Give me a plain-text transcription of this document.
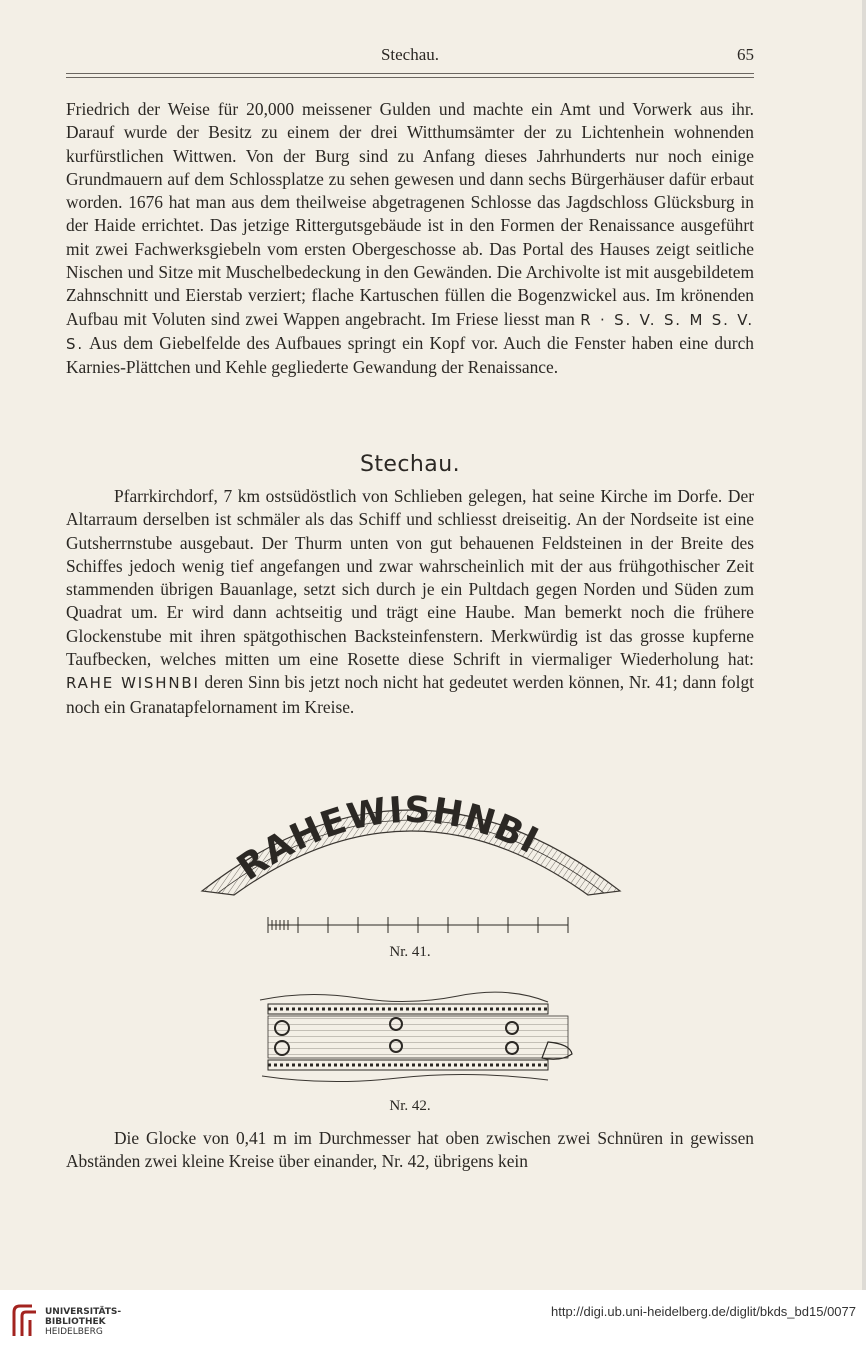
Stechau.	65

Friedrich der Weise für 20,000 meissener Gulden und machte ein Amt und Vorwerk aus ihr. Darauf wurde der Besitz zu einem der drei Witthumsämter der zu Lichtenhein wohnenden kurfürstlichen Wittwen. Von der Burg sind zu Anfang dieses Jahrhunderts nur noch einige Grundmauern auf dem Schlossplatze zu sehen gewesen und dann sechs Bürgerhäuser dafür erbaut worden. 1676 hat man aus dem theilweise abgetragenen Schlosse das Jagdschloss Glücksburg in der Haide errichtet. Das jetzige Rittergutsgebäude ist in den Formen der Renaissance ausgeführt mit zwei Fachwerksgiebeln vom ersten Obergeschosse ab. Das Portal des Hauses zeigt seitliche Nischen und Sitze mit Muschelbedeckung in den Gewänden. Die Archivolte ist mit ausgebildetem Zahnschnitt und Eierstab verziert; flache Kartuschen füllen die Bogenzwickel aus. Im krönenden Aufbau mit Voluten sind zwei Wappen angebracht. Im Friese liesst man R · S. V. S. M S. V. S. Aus dem Giebelfelde des Aufbaues springt ein Kopf vor. Auch die Fenster haben eine durch Karnies-Plättchen und Kehle gegliederte Gewandung der Renaissance.

Stechau.

Pfarrkirchdorf, 7 km ostsüdöstlich von Schlieben gelegen, hat seine Kirche im Dorfe. Der Altarraum derselben ist schmäler als das Schiff und schliesst dreiseitig. An der Nordseite ist eine Gutsherrnstube ausgebaut. Der Thurm unten von gut behauenen Feldsteinen in der Breite des Schiffes jedoch wenig tief angefangen und zwar wahrscheinlich mit der aus frühgothischer Zeit stammenden übrigen Bauanlage, setzt sich durch je ein Pultdach gegen Norden und Süden zum Quadrat um. Er wird dann achtseitig und trägt eine Haube. Man bemerkt noch die frühere Glockenstube mit ihren spätgothischen Backsteinfenstern. Merkwürdig ist das grosse kupferne Taufbecken, welches mitten um eine Rosette diese Schrift in viermaliger Wiederholung hat: RAHE WISHNBI deren Sinn bis jetzt noch nicht hat gedeutet werden können, Nr. 41; dann folgt noch ein Granatapfelornament im Kreise.

RAHEWISHNBI
Nr. 41.
Nr. 42.

Die Glocke von 0,41 m im Durchmesser hat oben zwischen zwei Schnüren in gewissen Abständen zwei kleine Kreise über einander, Nr. 42, übrigens kein

UNIVERSITÄTS-
BIBLIOTHEK
HEIDELBERG
http://digi.ub.uni-heidelberg.de/diglit/bkds_bd15/0077
